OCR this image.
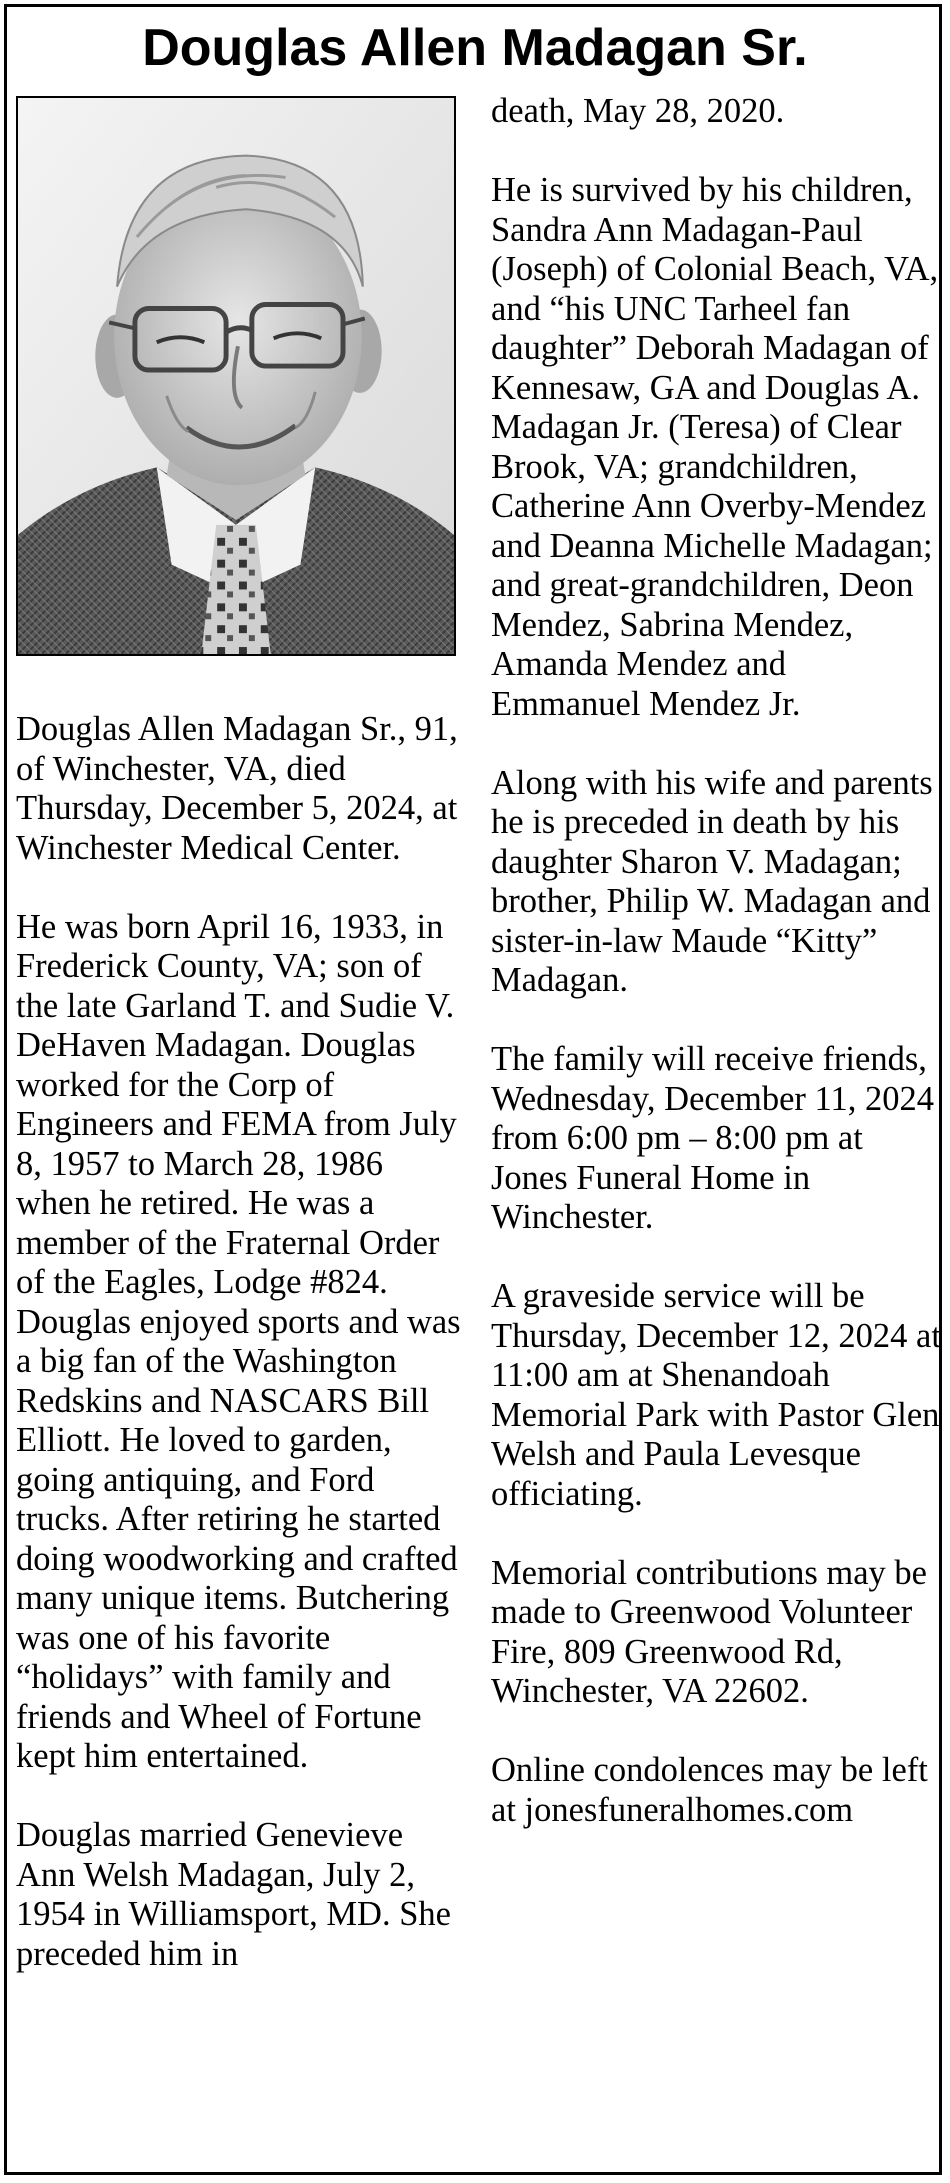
Douglas Allen Madagan Sr.

Douglas Allen Madagan Sr., 91, of Winchester, VA, died Thursday, December 5, 2024, at Winchester Medical Center.

He was born April 16, 1933, in Frederick County, VA; son of the late Garland T. and Sudie V. DeHaven Madagan. Douglas worked for the Corp of Engineers and FEMA from July 8, 1957 to March 28, 1986 when he retired. He was a member of the Fraternal Order of the Eagles, Lodge #824. Douglas enjoyed sports and was a big fan of the Washington Redskins and NASCARS Bill Elliott. He loved to garden, going antiquing, and Ford trucks. After retiring he started doing woodworking and crafted many unique items. Butchering was one of his favorite “holidays” with family and friends and Wheel of Fortune kept him entertained.

Douglas married Genevieve Ann Welsh Madagan, July 2, 1954 in Williamsport, MD. She preceded him in

death, May 28, 2020.

He is survived by his children, Sandra Ann Madagan-Paul (Joseph) of Colonial Beach, VA, and “his UNC Tarheel fan daughter” Deborah Madagan of Kennesaw, GA and Douglas A. Madagan Jr. (Teresa) of Clear Brook, VA; grandchildren, Catherine Ann Overby-Mendez and Deanna Michelle Madagan; and great-grandchildren, Deon Mendez, Sabrina Mendez, Amanda Mendez and Emmanuel Mendez Jr.

Along with his wife and parents he is preceded in death by his daughter Sharon V. Madagan; brother, Philip W. Madagan and sister-in-law Maude “Kitty” Madagan.

The family will receive friends, Wednesday, December 11, 2024 from 6:00 pm – 8:00 pm at Jones Funeral Home in Winchester.

A graveside service will be Thursday, December 12, 2024 at 11:00 am at Shenandoah Memorial Park with Pastor Glen Welsh and Paula Levesque officiating.

Memorial contributions may be made to Greenwood Volunteer Fire, 809 Greenwood Rd, Winchester, VA 22602.

Online condolences may be left at jonesfuneralhomes.com
